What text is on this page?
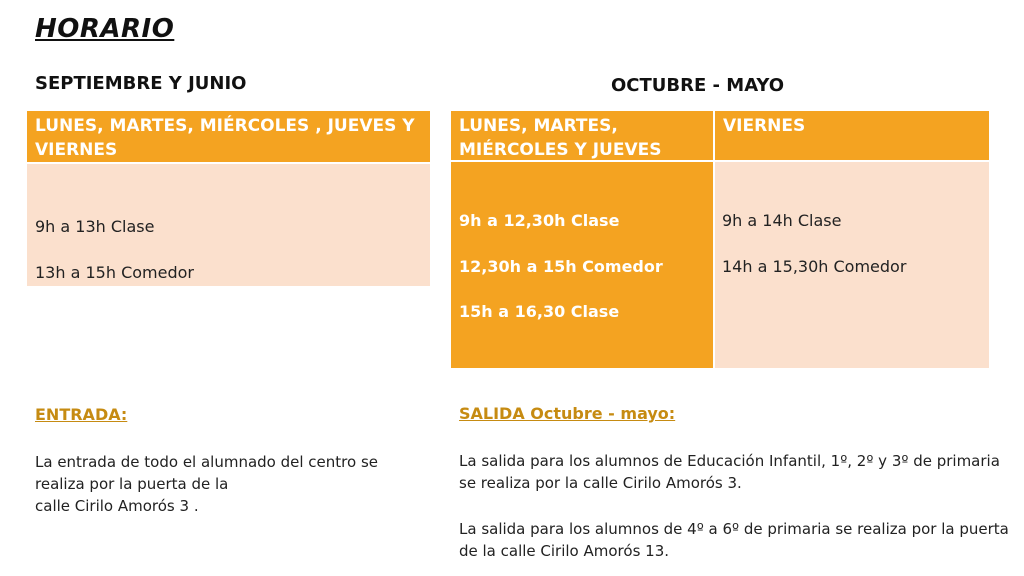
HORARIO
SEPTIEMBRE Y JUNIO
LUNES, MARTES, MIÉRCOLES , JUEVES Y VIERNES
9h a 13h Clase
13h a 15h Comedor
OCTUBRE - MAYO
LUNES, MARTES, MIÉRCOLES Y JUEVES
VIERNES
9h a 12,30h Clase
12,30h a 15h Comedor
15h a 16,30 Clase
9h a 14h Clase
14h a 15,30h Comedor
ENTRADA:
La entrada de todo el alumnado del centro se
realiza por la puerta de la
calle Cirilo Amorós 3 .
SALIDA Octubre - mayo:
La salida para los alumnos de Educación Infantil, 1º, 2º y 3º de primaria
se realiza por la calle Cirilo Amorós 3.
La salida para los alumnos de 4º a 6º de primaria se realiza por la puerta
de la calle Cirilo Amorós 13.
